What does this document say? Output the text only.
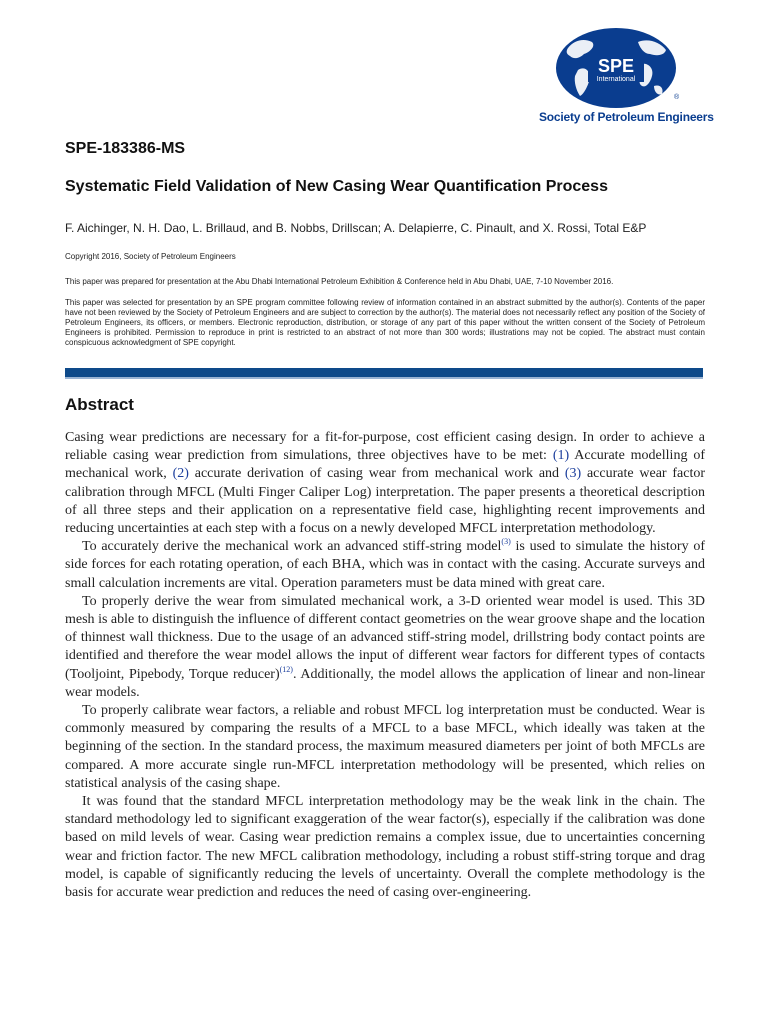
SPE
International
®
Society of Petroleum Engineers
SPE-183386-MS
Systematic Field Validation of New Casing Wear Quantification Process
F. Aichinger, N. H. Dao, L. Brillaud, and B. Nobbs, Drillscan; A. Delapierre, C. Pinault, and X. Rossi, Total E&P
Copyright 2016, Society of Petroleum Engineers
This paper was prepared for presentation at the Abu Dhabi International Petroleum Exhibition & Conference held in Abu Dhabi, UAE, 7-10 November 2016.
This paper was selected for presentation by an SPE program committee following review of information contained in an abstract submitted by the author(s). Contents of the paper have not been reviewed by the Society of Petroleum Engineers and are subject to correction by the author(s). The material does not necessarily reflect any position of the Society of Petroleum Engineers, its officers, or members. Electronic reproduction, distribution, or storage of any part of this paper without the written consent of the Society of Petroleum Engineers is prohibited. Permission to reproduce in print is restricted to an abstract of not more than 300 words; illustrations may not be copied. The abstract must contain conspicuous acknowledgment of SPE copyright.
Abstract

Casing wear predictions are necessary for a fit-for-purpose, cost efficient casing design. In order to achieve a reliable casing wear prediction from simulations, three objectives have to be met: (1) Accurate modelling of mechanical work, (2) accurate derivation of casing wear from mechanical work and (3) accurate wear factor calibration through MFCL (Multi Finger Caliper Log) interpretation. The paper presents a theoretical description of all three steps and their application on a representative field case, highlighting recent improvements and reducing uncertainties at each step with a focus on a newly developed MFCL interpretation methodology.

To accurately derive the mechanical work an advanced stiff-string model$^{(3)}$ is used to simulate the history of side forces for each rotating operation, of each BHA, which was in contact with the casing. Accurate surveys and small calculation increments are vital. Operation parameters must be data mined with great care.

To properly derive the wear from simulated mechanical work, a 3-D oriented wear model is used. This 3D mesh is able to distinguish the influence of different contact geometries on the wear groove shape and the location of thinnest wall thickness. Due to the usage of an advanced stiff-string model, drillstring body contact points are identified and therefore the wear model allows the input of different wear factors for different types of contacts (Tooljoint, Pipebody, Torque reducer)$^{(12)}$. Additionally, the model allows the application of linear and non-linear wear models.

To properly calibrate wear factors, a reliable and robust MFCL log interpretation must be conducted. Wear is commonly measured by comparing the results of a MFCL to a base MFCL, which ideally was taken at the beginning of the section. In the standard process, the maximum measured diameters per joint of both MFCLs are compared. A more accurate single run-MFCL interpretation methodology will be presented, which relies on statistical analysis of the casing shape.

It was found that the standard MFCL interpretation methodology may be the weak link in the chain. The standard methodology led to significant exaggeration of the wear factor(s), especially if the calibration was done based on mild levels of wear. Casing wear prediction remains a complex issue, due to uncertainties concerning wear and friction factor. The new MFCL calibration methodology, including a robust stiff-string torque and drag model, is capable of significantly reducing the levels of uncertainty. Overall the complete methodology is the basis for accurate wear prediction and reduces the need of casing over-engineering.
